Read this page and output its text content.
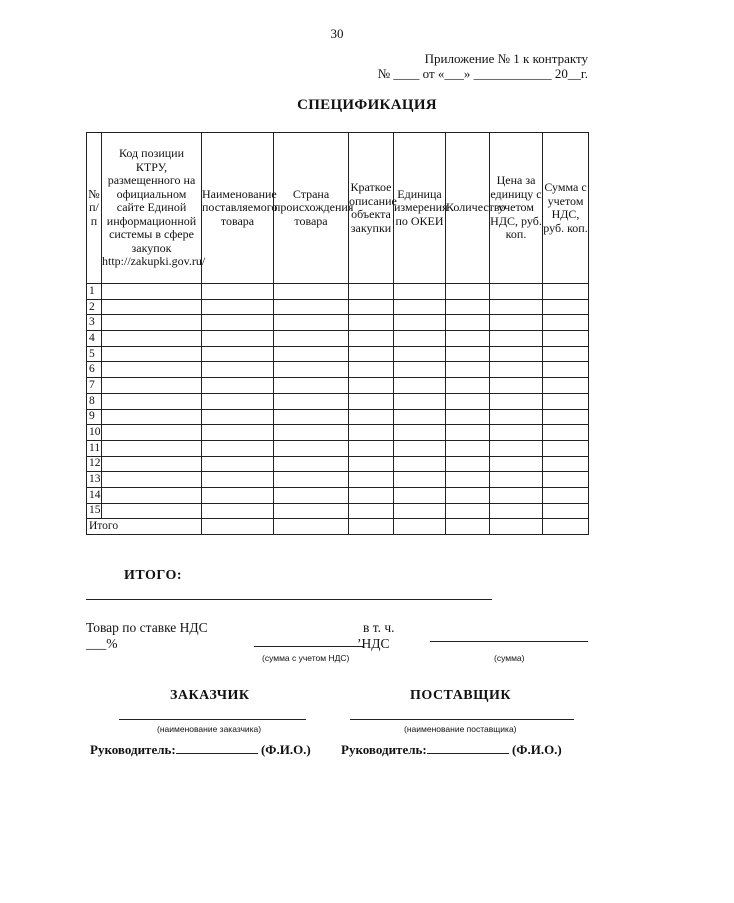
30
Приложение № 1 к контракту
№ ____ от «___» ____________ 20__г.
СПЕЦИФИКАЦИЯ
№ п/п	Код позиции КТРУ, размещенного на официальном сайте Единой информационной системы в сфере закупок http://zakupki.gov.ru/	Наименование поставляемого товара	Страна происхождения товара	Краткое описание объекта закупки	Единица измерения по ОКЕИ	Количество	Цена за единицу с учетом НДС, руб. коп.	Сумма с учетом НДС, руб. коп.
1								
2								
3								
4								
5								
6								
7								
8								
9								
10								
11								
12								
13								
14								
15								
Итого								
ИТОГО:
Товар по ставке НДС
___%
в т. ч.
’НДС
(сумма с учетом НДС)	(сумма)
ЗАКАЗЧИК	ПОСТАВЩИК
(наименование заказчика)	(наименование поставщика)
Руководитель:	(Ф.И.О.) Руководитель:	(Ф.И.О.)
